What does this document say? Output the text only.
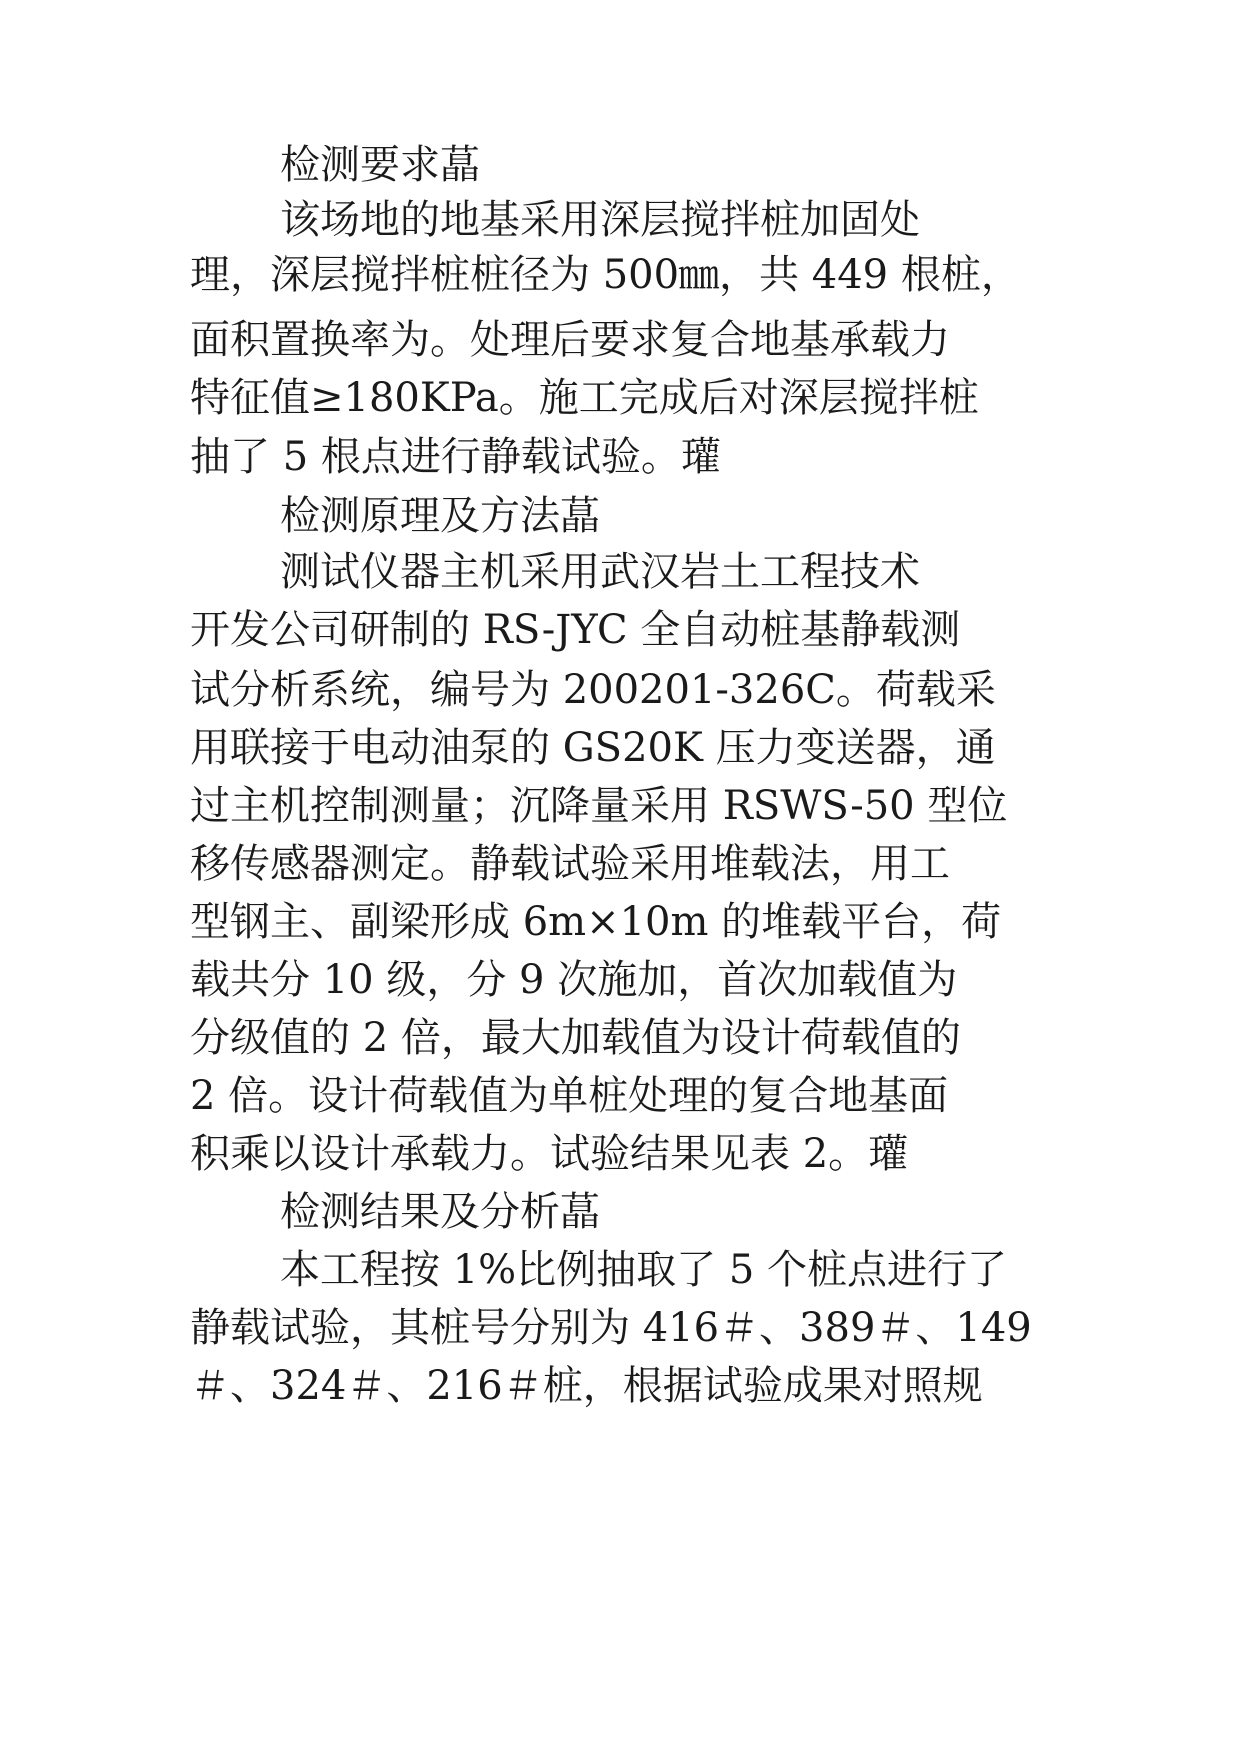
检测要求蕌
该场地的地基采用深层搅拌桩加固处
理，深层搅拌桩桩径为 500㎜，共 449 根桩，
面积置换率为。处理后要求复合地基承载力
特征值≥180KPa。施工完成后对深层搅拌桩
抽了 5 根点进行静载试验。瓘
检测原理及方法蕌
测试仪器主机采用武汉岩土工程技术
开发公司研制的 RS-JYC 全自动桩基静载测
试分析系统，编号为 200201-326C。荷载采
用联接于电动油泵的 GS20K 压力变送器，通
过主机控制测量；沉降量采用 RSWS-50 型位
移传感器测定。静载试验采用堆载法，用工
型钢主、副梁形成 6m×10m 的堆载平台，荷
载共分 10 级，分 9 次施加，首次加载值为
分级值的 2 倍，最大加载值为设计荷载值的
2 倍。设计荷载值为单桩处理的复合地基面
积乘以设计承载力。试验结果见表 2。瓘
检测结果及分析蕌
本工程按 1%比例抽取了 5 个桩点进行了
静载试验，其桩号分别为 416＃、389＃、149
＃、324＃、216＃桩，根据试验成果对照规
